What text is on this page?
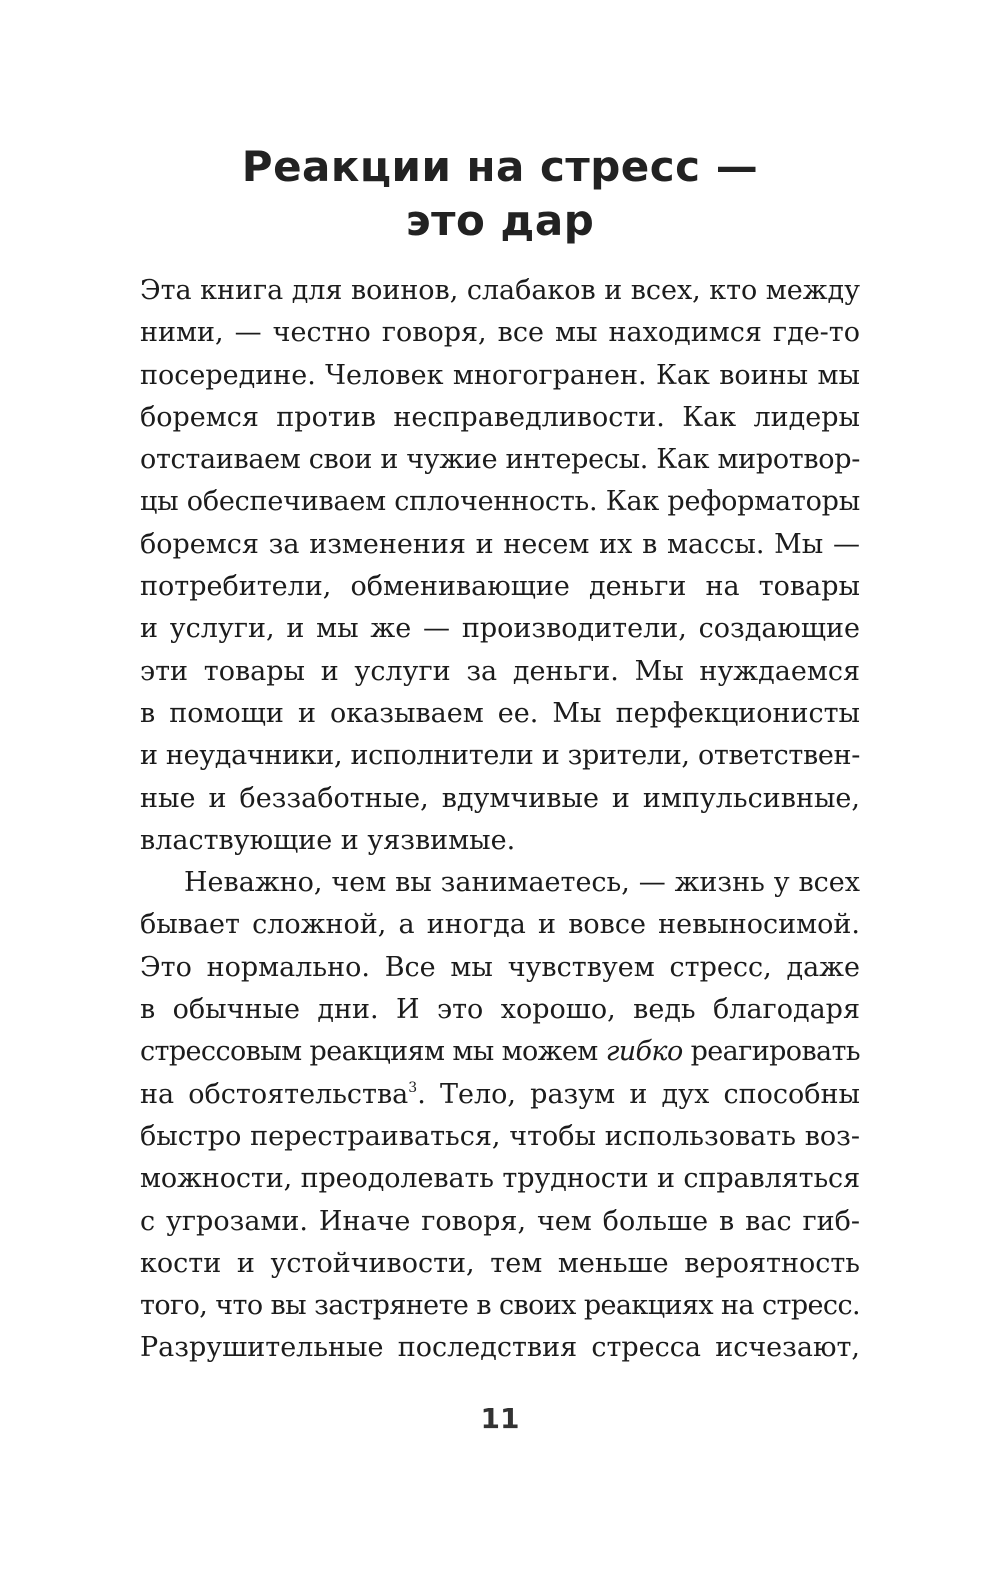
Реакции на стресс —
это дар
Эта книга для воинов, слабаков и всех, кто между
ними, — честно говоря, все мы находимся где-то
посередине. Человек многогранен. Как воины мы
боремся против несправедливости. Как лидеры
отстаиваем свои и чужие интересы. Как миротвор-
цы обеспечиваем сплоченность. Как реформаторы
боремся за изменения и несем их в массы. Мы —
потребители, обменивающие деньги на товары
и услуги, и мы же — производители, создающие
эти товары и услуги за деньги. Мы нуждаемся
в помощи и оказываем ее. Мы перфекционисты
и неудачники, исполнители и зрители, ответствен-
ные и беззаботные, вдумчивые и импульсивные,
властвующие и уязвимые.
Неважно, чем вы занимаетесь, — жизнь у всех
бывает сложной, а иногда и вовсе невыносимой.
Это нормально. Все мы чувствуем стресс, даже
в обычные дни. И это хорошо, ведь благодаря
стрессовым реакциям мы можем гибко реагировать
на обстоятельства$^3$. Тело, разум и дух способны
быстро перестраиваться, чтобы использовать воз-
можности, преодолевать трудности и справляться
с угрозами. Иначе говоря, чем больше в вас гиб-
кости и устойчивости, тем меньше вероятность
того, что вы застрянете в своих реакциях на стресс.
Разрушительные последствия стресса исчезают,
11
